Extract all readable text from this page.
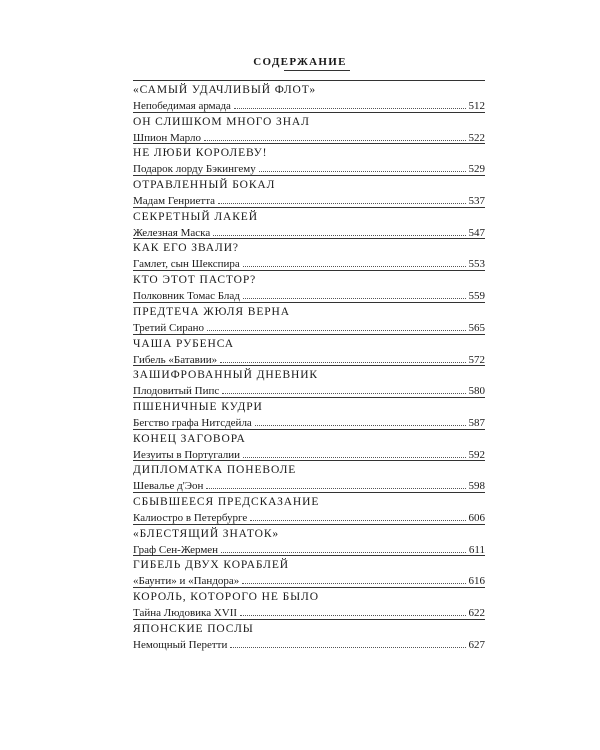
СОДЕРЖАНИЕ
«САМЫЙ УДАЧЛИВЫЙ ФЛОТ»
Непобедимая армада	512
ОН СЛИШКОМ МНОГО ЗНАЛ
Шпион Марло	522
НЕ ЛЮБИ КОРОЛЕВУ!
Подарок лорду Бэкингему	529
ОТРАВЛЕННЫЙ БОКАЛ
Мадам Генриетта	537
СЕКРЕТНЫЙ ЛАКЕЙ
Железная Маска	547
КАК ЕГО ЗВАЛИ?
Гамлет, сын Шекспира	553
КТО ЭТОТ ПАСТОР?
Полковник Томас Блад	559
ПРЕДТЕЧА ЖЮЛЯ ВЕРНА
Третий Сирано	565
ЧАША РУБЕНСА
Гибель «Батавии»	572
ЗАШИФРОВАННЫЙ ДНЕВНИК
Плодовитый Пипс	580
ПШЕНИЧНЫЕ КУДРИ
Бегство графа Нитсдейла	587
КОНЕЦ ЗАГОВОРА
Иезуиты в Португалии	592
ДИПЛОМАТКА ПОНЕВОЛЕ
Шевалье д'Эон	598
СБЫВШЕЕСЯ ПРЕДСКАЗАНИЕ
Калиостро в Петербурге	606
«БЛЕСТЯЩИЙ ЗНАТОК»
Граф Сен-Жермен	611
ГИБЕЛЬ ДВУХ КОРАБЛЕЙ
«Баунти» и «Пандора»	616
КОРОЛЬ, КОТОРОГО НЕ БЫЛО
Тайна Людовика XVII	622
ЯПОНСКИЕ ПОСЛЫ
Немощный Перетти	627
